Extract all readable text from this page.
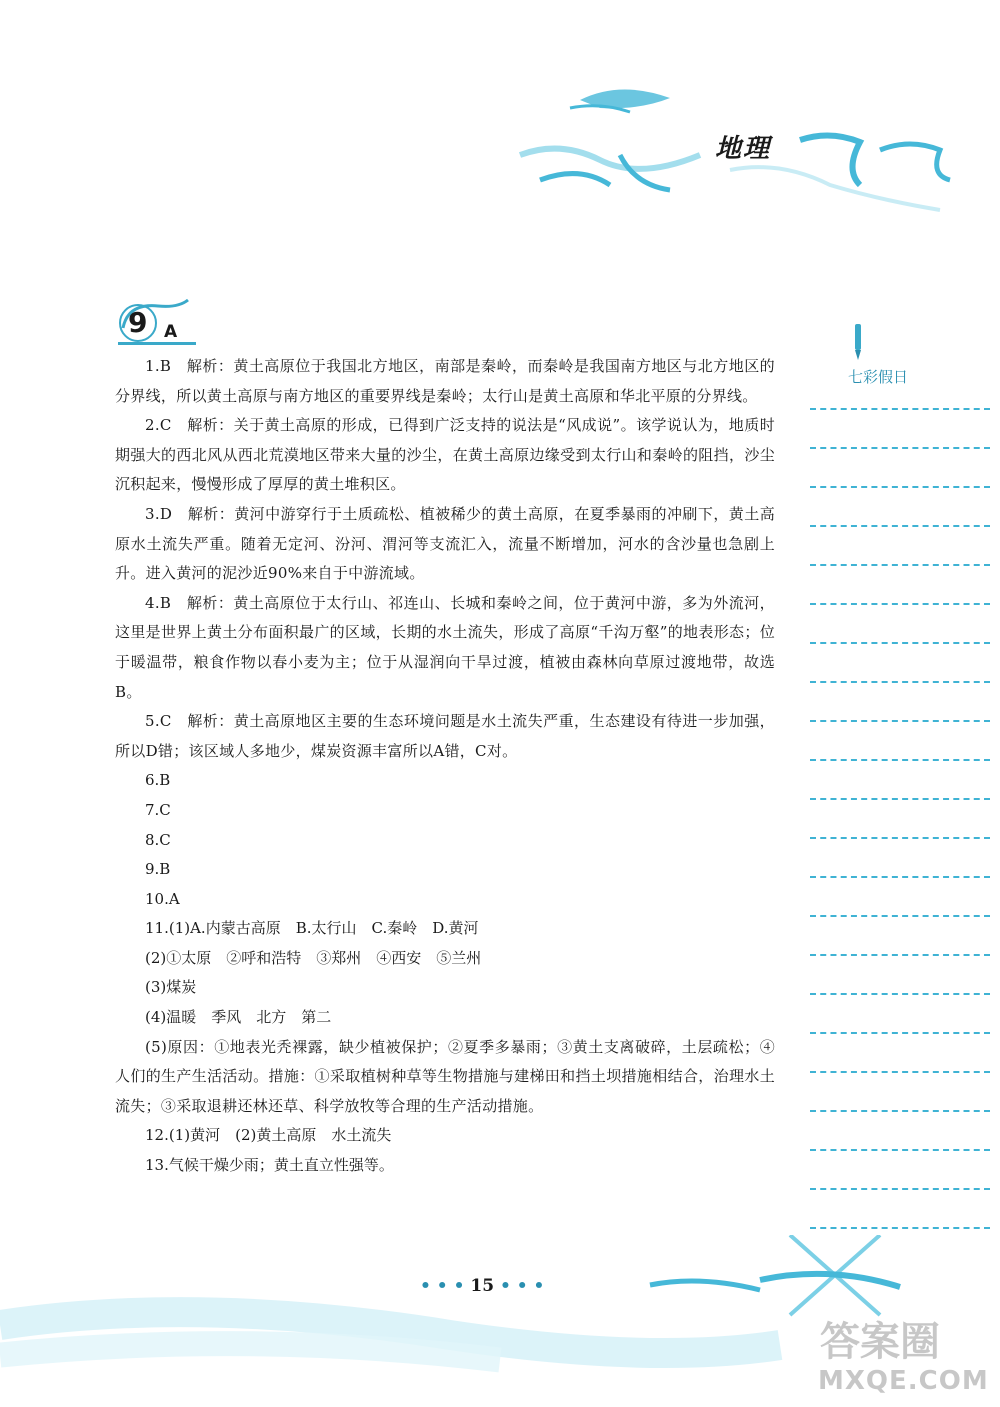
地理
9 A
七彩假日

1.B　解析：黄土高原位于我国北方地区，南部是秦岭，而秦岭是我国南方地区与北方地区的分界线，所以黄土高原与南方地区的重要界线是秦岭；太行山是黄土高原和华北平原的分界线。

2.C　解析：关于黄土高原的形成，已得到广泛支持的说法是“风成说”。该学说认为，地质时期强大的西北风从西北荒漠地区带来大量的沙尘，在黄土高原边缘受到太行山和秦岭的阻挡，沙尘沉积起来，慢慢形成了厚厚的黄土堆积区。

3.D　解析：黄河中游穿行于土质疏松、植被稀少的黄土高原，在夏季暴雨的冲刷下，黄土高原水土流失严重。随着无定河、汾河、渭河等支流汇入，流量不断增加，河水的含沙量也急剧上升。进入黄河的泥沙近90%来自于中游流域。

4.B　解析：黄土高原位于太行山、祁连山、长城和秦岭之间，位于黄河中游，多为外流河，这里是世界上黄土分布面积最广的区域，长期的水土流失，形成了高原“千沟万壑”的地表形态；位于暖温带，粮食作物以春小麦为主；位于从湿润向干旱过渡，植被由森林向草原过渡地带，故选B。

5.C　解析：黄土高原地区主要的生态环境问题是水土流失严重，生态建设有待进一步加强，所以D错；该区域人多地少，煤炭资源丰富所以A错，C对。

6.B

7.C

8.C

9.B

10.A

11.(1)A.内蒙古高原　B.太行山　C.秦岭　D.黄河

(2)①太原　②呼和浩特　③郑州　④西安　⑤兰州

(3)煤炭

(4)温暖　季风　北方　第二

(5)原因：①地表光秃裸露，缺少植被保护；②夏季多暴雨；③黄土支离破碎，土层疏松；④人们的生产生活活动。措施：①采取植树种草等生物措施与建梯田和挡土坝措施相结合，治理水土流失；③采取退耕还林还草、科学放牧等合理的生产活动措施。

12.(1)黄河　(2)黄土高原　水土流失

13.气候干燥少雨；黄土直立性强等。

• • • 15 • • •
答案圈
MXQE.COM
